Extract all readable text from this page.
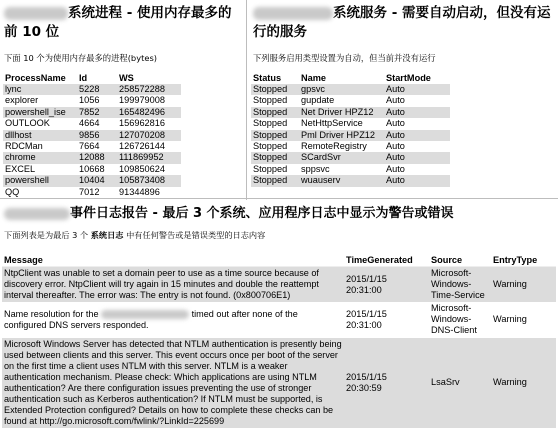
系统进程 - 使用内存最多的前 10 位
下面 10 个为使用内存最多的进程(bytes)
ProcessName	Id	WS
lync	5228	258572288
explorer	1056	199979008
powershell_ise	7852	165482496
OUTLOOK	4664	156962816
dllhost	9856	127070208
RDCMan	7664	126726144
chrome	12088	111869952
EXCEL	10668	109850624
powershell	10404	105873408
QQ	7012	91344896
系统服务 - 需要自动启动，但没有运行的服务
下列服务启用类型设置为自动，但当前并没有运行
Status	Name	StartMode
Stopped	gpsvc	Auto
Stopped	gupdate	Auto
Stopped	Net Driver HPZ12	Auto
Stopped	NetHttpService	Auto
Stopped	Pml Driver HPZ12	Auto
Stopped	RemoteRegistry	Auto
Stopped	SCardSvr	Auto
Stopped	sppsvc	Auto
Stopped	wuauserv	Auto
事件日志报告 - 最后 3 个系统、应用程序日志中显示为警告或错误
下面列表是为最后 3 个 系统日志 中有任何警告或是错误类型的日志内容
Message	TimeGenerated	Source	EntryType
NtpClient was unable to set a domain peer to use as a time source because of discovery error. NtpClient will try again in 15 minutes and double the reattempt interval thereafter. The error was: The entry is not found. (0x800706E1)	2015/1/15
20:31:00	Microsoft-Windows-Time-Service	Warning
Name resolution for the timed out after none of the configured DNS servers responded.	2015/1/15
20:31:00	Microsoft-Windows-DNS-Client	Warning
Microsoft Windows Server has detected that NTLM authentication is presently being used between clients and this server. This event occurs once per boot of the server on the first time a client uses NTLM with this server. NTLM is a weaker authentication mechanism. Please check: Which applications are using NTLM authentication? Are there configuration issues preventing the use of stronger authentication such as Kerberos authentication? If NTLM must be supported, is Extended Protection configured? Details on how to complete these checks can be found at http://go.microsoft.com/fwlink/?LinkId=225699	2015/1/15
20:30:59	LsaSrv	Warning
